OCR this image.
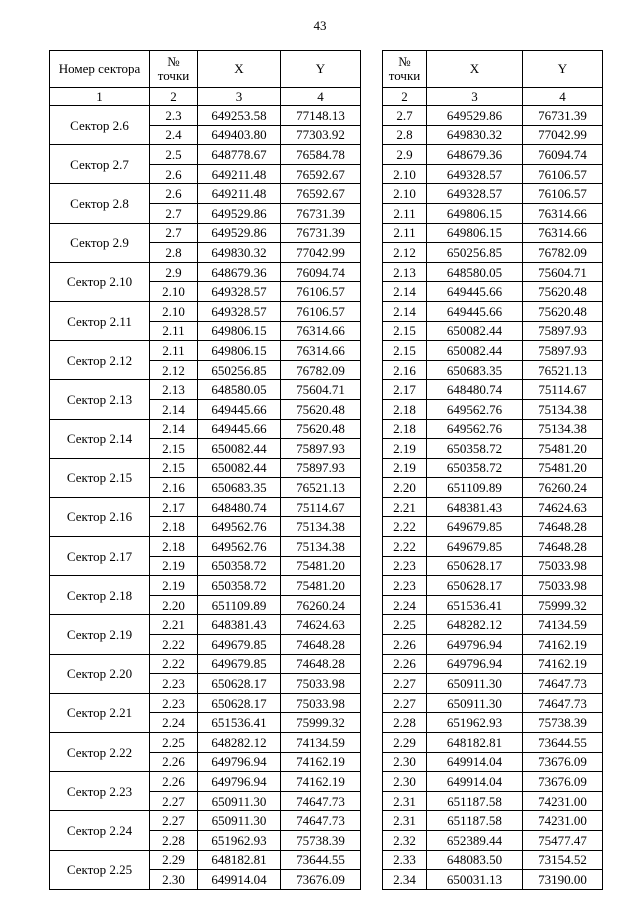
43
Номер сектора	№ точки	X	Y
1	2	3	4
Сектор 2.6	2.3	649253.58	77148.13
	2.4	649403.80	77303.92
Сектор 2.7	2.5	648778.67	76584.78
	2.6	649211.48	76592.67
Сектор 2.8	2.6	649211.48	76592.67
	2.7	649529.86	76731.39
Сектор 2.9	2.7	649529.86	76731.39
	2.8	649830.32	77042.99
Сектор 2.10	2.9	648679.36	76094.74
	2.10	649328.57	76106.57
Сектор 2.11	2.10	649328.57	76106.57
	2.11	649806.15	76314.66
Сектор 2.12	2.11	649806.15	76314.66
	2.12	650256.85	76782.09
Сектор 2.13	2.13	648580.05	75604.71
	2.14	649445.66	75620.48
Сектор 2.14	2.14	649445.66	75620.48
	2.15	650082.44	75897.93
Сектор 2.15	2.15	650082.44	75897.93
	2.16	650683.35	76521.13
Сектор 2.16	2.17	648480.74	75114.67
	2.18	649562.76	75134.38
Сектор 2.17	2.18	649562.76	75134.38
	2.19	650358.72	75481.20
Сектор 2.18	2.19	650358.72	75481.20
	2.20	651109.89	76260.24
Сектор 2.19	2.21	648381.43	74624.63
	2.22	649679.85	74648.28
Сектор 2.20	2.22	649679.85	74648.28
	2.23	650628.17	75033.98
Сектор 2.21	2.23	650628.17	75033.98
	2.24	651536.41	75999.32
Сектор 2.22	2.25	648282.12	74134.59
	2.26	649796.94	74162.19
Сектор 2.23	2.26	649796.94	74162.19
	2.27	650911.30	74647.73
Сектор 2.24	2.27	650911.30	74647.73
	2.28	651962.93	75738.39
Сектор 2.25	2.29	648182.81	73644.55
	2.30	649914.04	73676.09
№ точки	X	Y
2	3	4
2.7	649529.86	76731.39
2.8	649830.32	77042.99
2.9	648679.36	76094.74
2.10	649328.57	76106.57
2.10	649328.57	76106.57
2.11	649806.15	76314.66
2.11	649806.15	76314.66
2.12	650256.85	76782.09
2.13	648580.05	75604.71
2.14	649445.66	75620.48
2.14	649445.66	75620.48
2.15	650082.44	75897.93
2.15	650082.44	75897.93
2.16	650683.35	76521.13
2.17	648480.74	75114.67
2.18	649562.76	75134.38
2.18	649562.76	75134.38
2.19	650358.72	75481.20
2.19	650358.72	75481.20
2.20	651109.89	76260.24
2.21	648381.43	74624.63
2.22	649679.85	74648.28
2.22	649679.85	74648.28
2.23	650628.17	75033.98
2.23	650628.17	75033.98
2.24	651536.41	75999.32
2.25	648282.12	74134.59
2.26	649796.94	74162.19
2.26	649796.94	74162.19
2.27	650911.30	74647.73
2.27	650911.30	74647.73
2.28	651962.93	75738.39
2.29	648182.81	73644.55
2.30	649914.04	73676.09
2.30	649914.04	73676.09
2.31	651187.58	74231.00
2.31	651187.58	74231.00
2.32	652389.44	75477.47
2.33	648083.50	73154.52
2.34	650031.13	73190.00
